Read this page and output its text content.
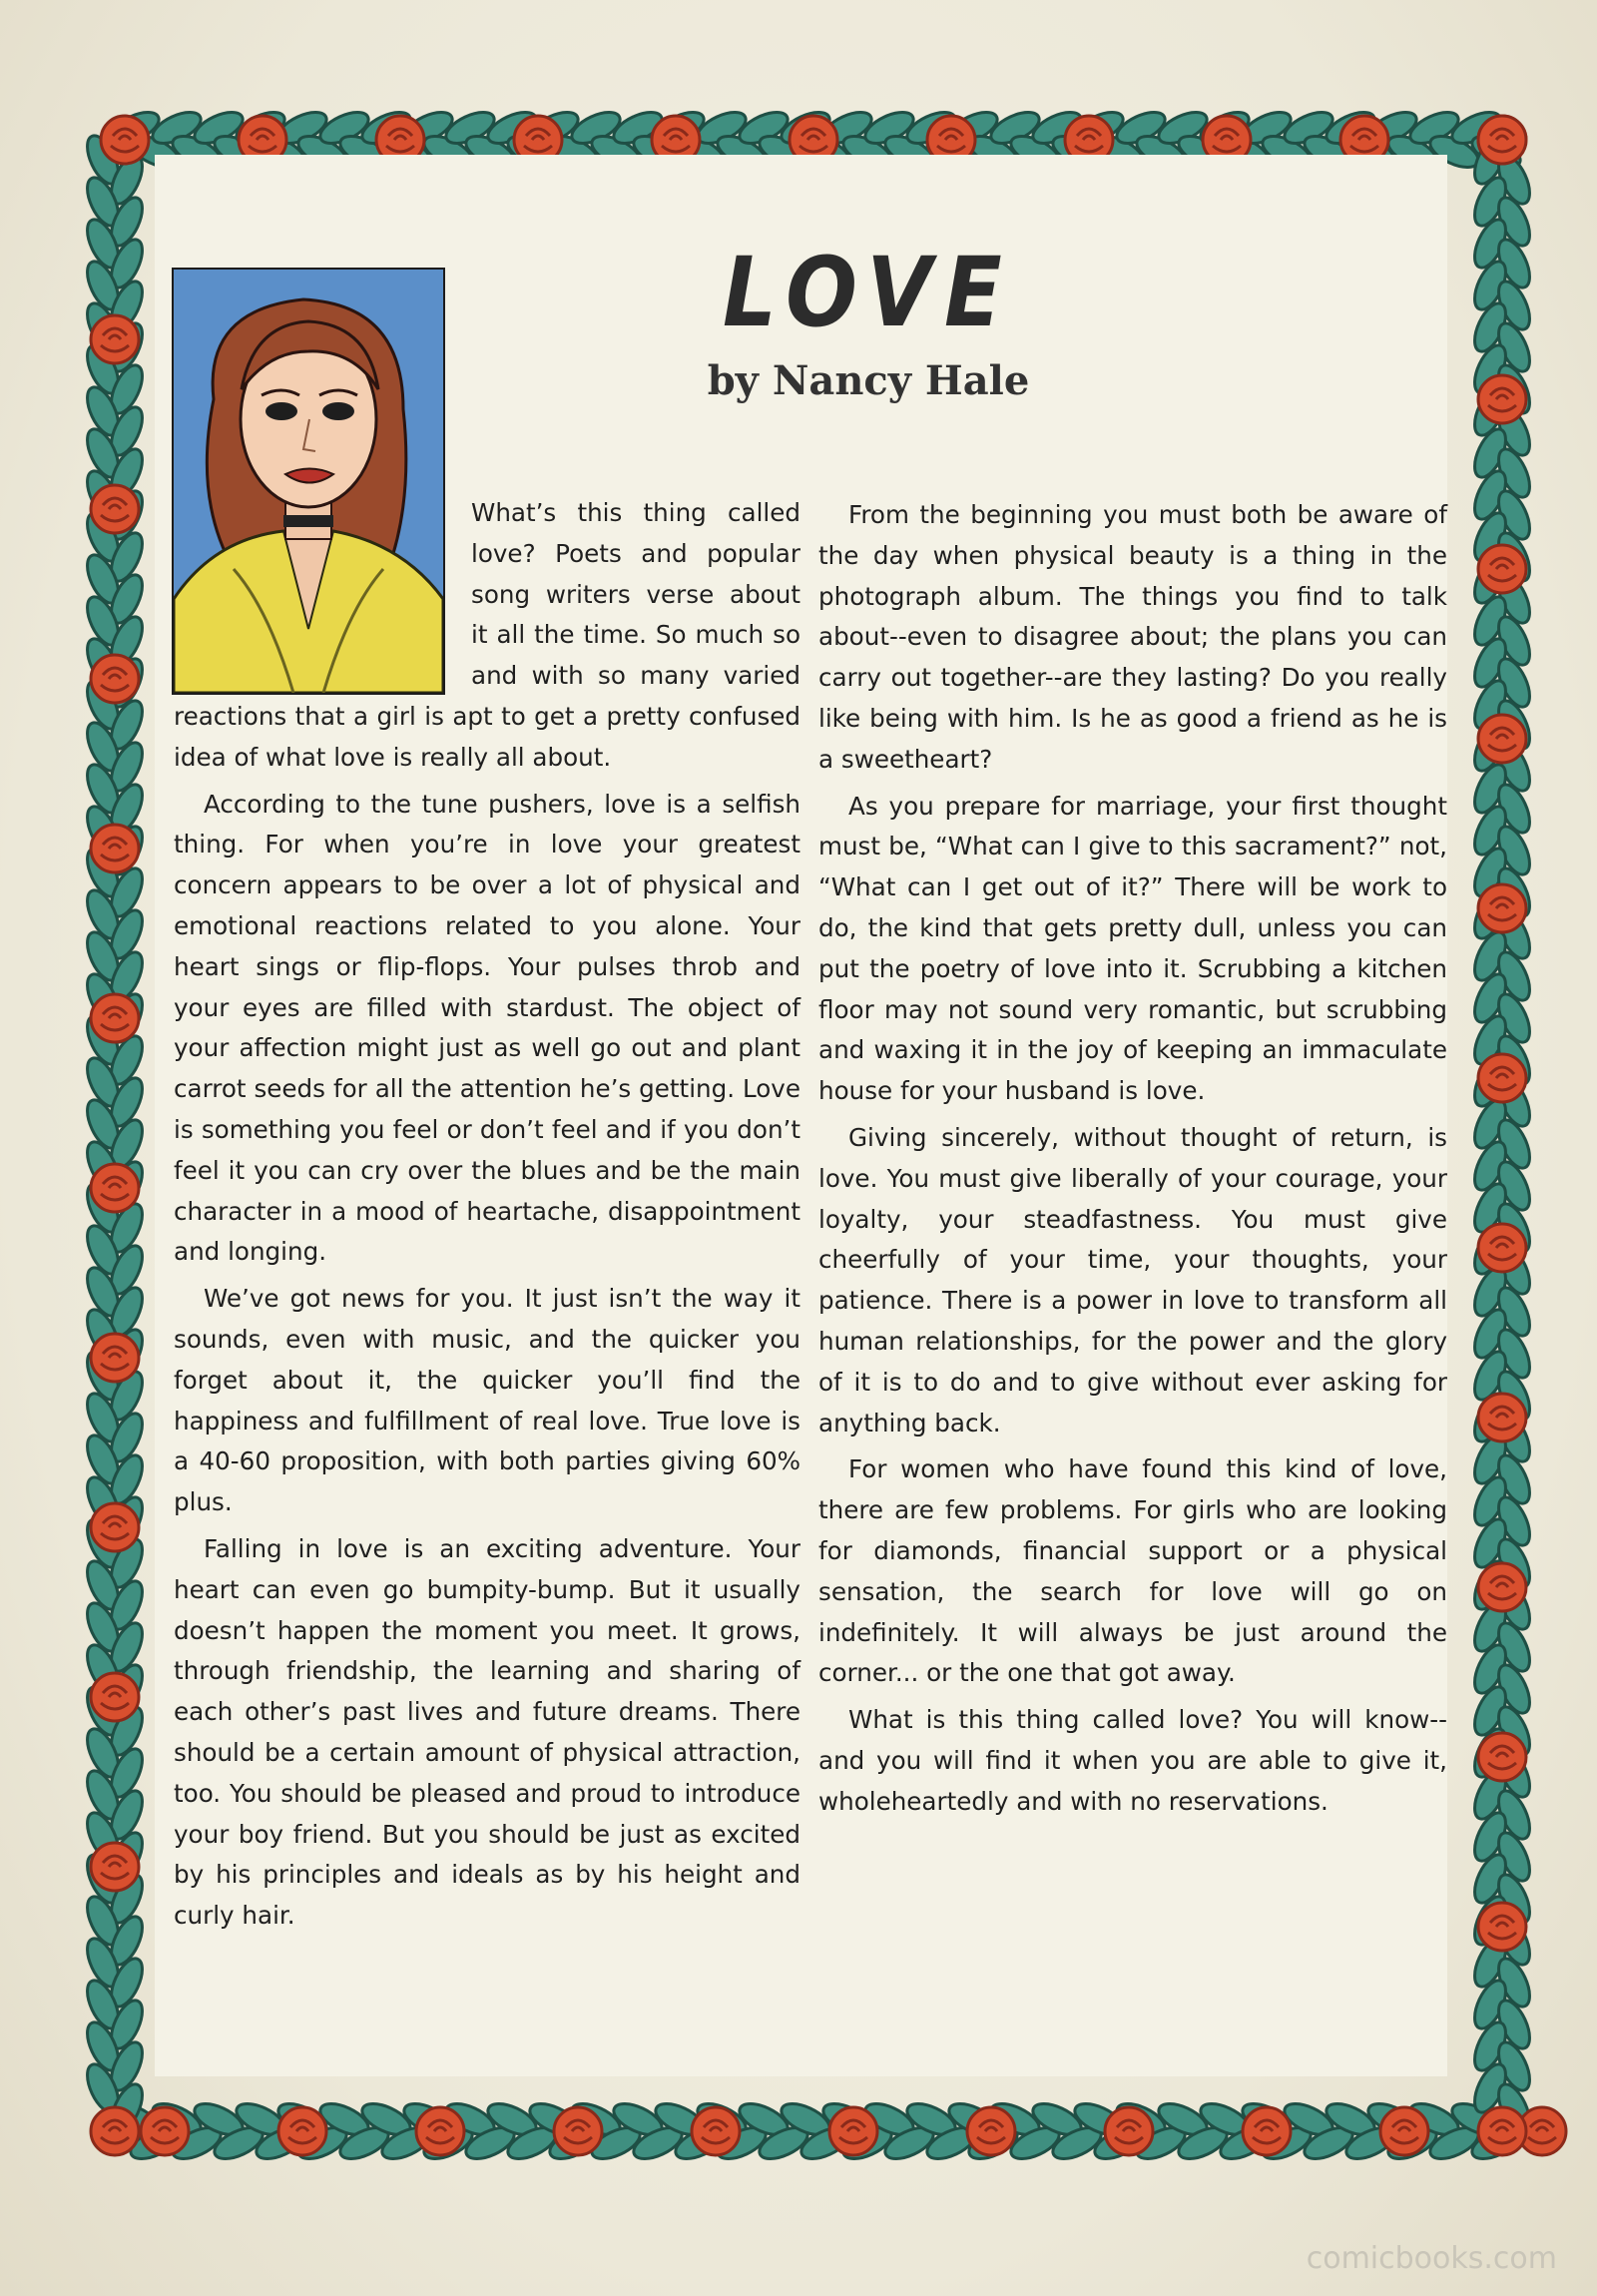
LOVE
by Nancy Hale

What’s this thing called love? Poets and popular song writers verse about it all the time. So much so and with so many varied reactions that a girl is apt to get a pretty confused idea of what love is really all about.

According to the tune pushers, love is a selfish thing. For when you’re in love your greatest concern appears to be over a lot of physical and emotional reactions related to you alone. Your heart sings or flip-flops. Your pulses throb and your eyes are filled with stardust. The object of your affection might just as well go out and plant carrot seeds for all the attention he’s getting. Love is something you feel or don’t feel and if you don’t feel it you can cry over the blues and be the main character in a mood of heartache, disappointment and longing.

We’ve got news for you. It just isn’t the way it sounds, even with music, and the quicker you forget about it, the quicker you’ll find the happiness and fulfillment of real love. True love is a 40-60 proposition, with both parties giving 60% plus.

Falling in love is an exciting adventure. Your heart can even go bumpity-bump. But it usually doesn’t happen the moment you meet. It grows, through friendship, the learning and sharing of each other’s past lives and future dreams. There should be a certain amount of physical attraction, too. You should be pleased and proud to introduce your boy friend. But you should be just as excited by his principles and ideals as by his height and curly hair.

From the beginning you must both be aware of the day when physical beauty is a thing in the photograph album. The things you find to talk about--even to disagree about; the plans you can carry out together--are they lasting? Do you really like being with him. Is he as good a friend as he is a sweetheart?

As you prepare for marriage, your first thought must be, “What can I give to this sacrament?” not, “What can I get out of it?” There will be work to do, the kind that gets pretty dull, unless you can put the poetry of love into it. Scrubbing a kitchen floor may not sound very romantic, but scrubbing and waxing it in the joy of keeping an immaculate house for your husband is love.

Giving sincerely, without thought of return, is love. You must give liberally of your courage, your loyalty, your steadfastness. You must give cheerfully of your time, your thoughts, your patience. There is a power in love to transform all human relationships, for the power and the glory of it is to do and to give without ever asking for anything back.

For women who have found this kind of love, there are few problems. For girls who are looking for diamonds, financial support or a physical sensation, the search for love will go on indefinitely. It will always be just around the corner... or the one that got away.

What is this thing called love? You will know--and you will find it when you are able to give it, wholeheartedly and with no reservations.

comicbooks.com
